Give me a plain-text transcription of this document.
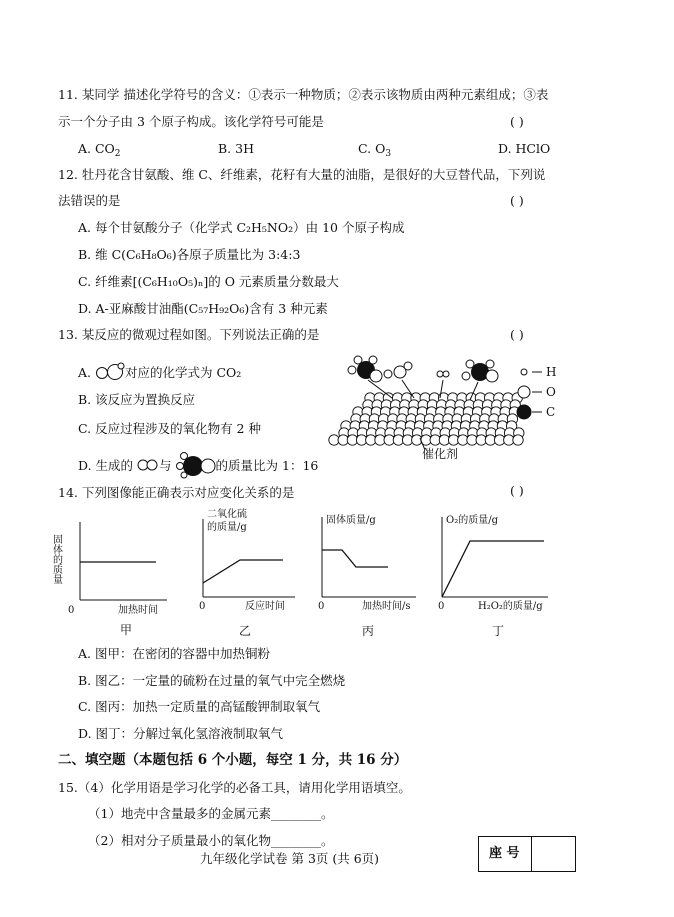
11. 某同学 描述化学符号的含义：①表示一种物质；②表示该物质由两种元素组成；③表
示一个分子由 3 个原子构成。该化学符号可能是	( )
A. $CO_2$	B. 3H	C. $O_3$	D. HClO
12. 牡丹花含甘氨酸、维 C、纤维素，花籽有大量的油脂，是很好的大豆替代品，下列说
法错误的是	( )
A. 每个甘氨酸分子（化学式 C₂H₅NO₂）由 10 个原子构成
B. 维 C(C₆H₈O₆)各原子质量比为 3:4:3
C. 纤维素[(C₆H₁₀O₅)ₙ]的 O 元素质量分数最大
D. A-亚麻酸甘油酯(C₅₇H₉₂O₆)含有 3 种元素
13. 某反应的微观过程如图。下列说法正确的是	( )
A.	对应的化学式为 CO₂
B. 该反应为置换反应
C. 反应过程涉及的氧化物有 2 种
D. 生成的 与	的质量比为 1：16
H
O
C
催化剂
14. 下列图像能正确表示对应变化关系的是	( )
固体的质量
0	加热时间
甲
二氧化硫
的质量/g
0	反应时间
乙
固体质量/g
0	加热时间/s
丙
O₂的质量/g
0	H₂O₂的质量/g
丁
A. 图甲：在密闭的容器中加热铜粉
B. 图乙：一定量的硫粉在过量的氧气中完全燃烧
C. 图丙：加热一定质量的高锰酸钾制取氧气
D. 图丁：分解过氧化氢溶液制取氧气
二、填空题（本题包括 6 个小题，每空 1 分，共 16 分）
15.（4）化学用语是学习化学的必备工具，请用化学用语填空。
（1）地壳中含量最多的金属元素________。
（2）相对分子质量最小的氧化物________。
九年级化学试卷 第 3页 (共 6页)	座 号
